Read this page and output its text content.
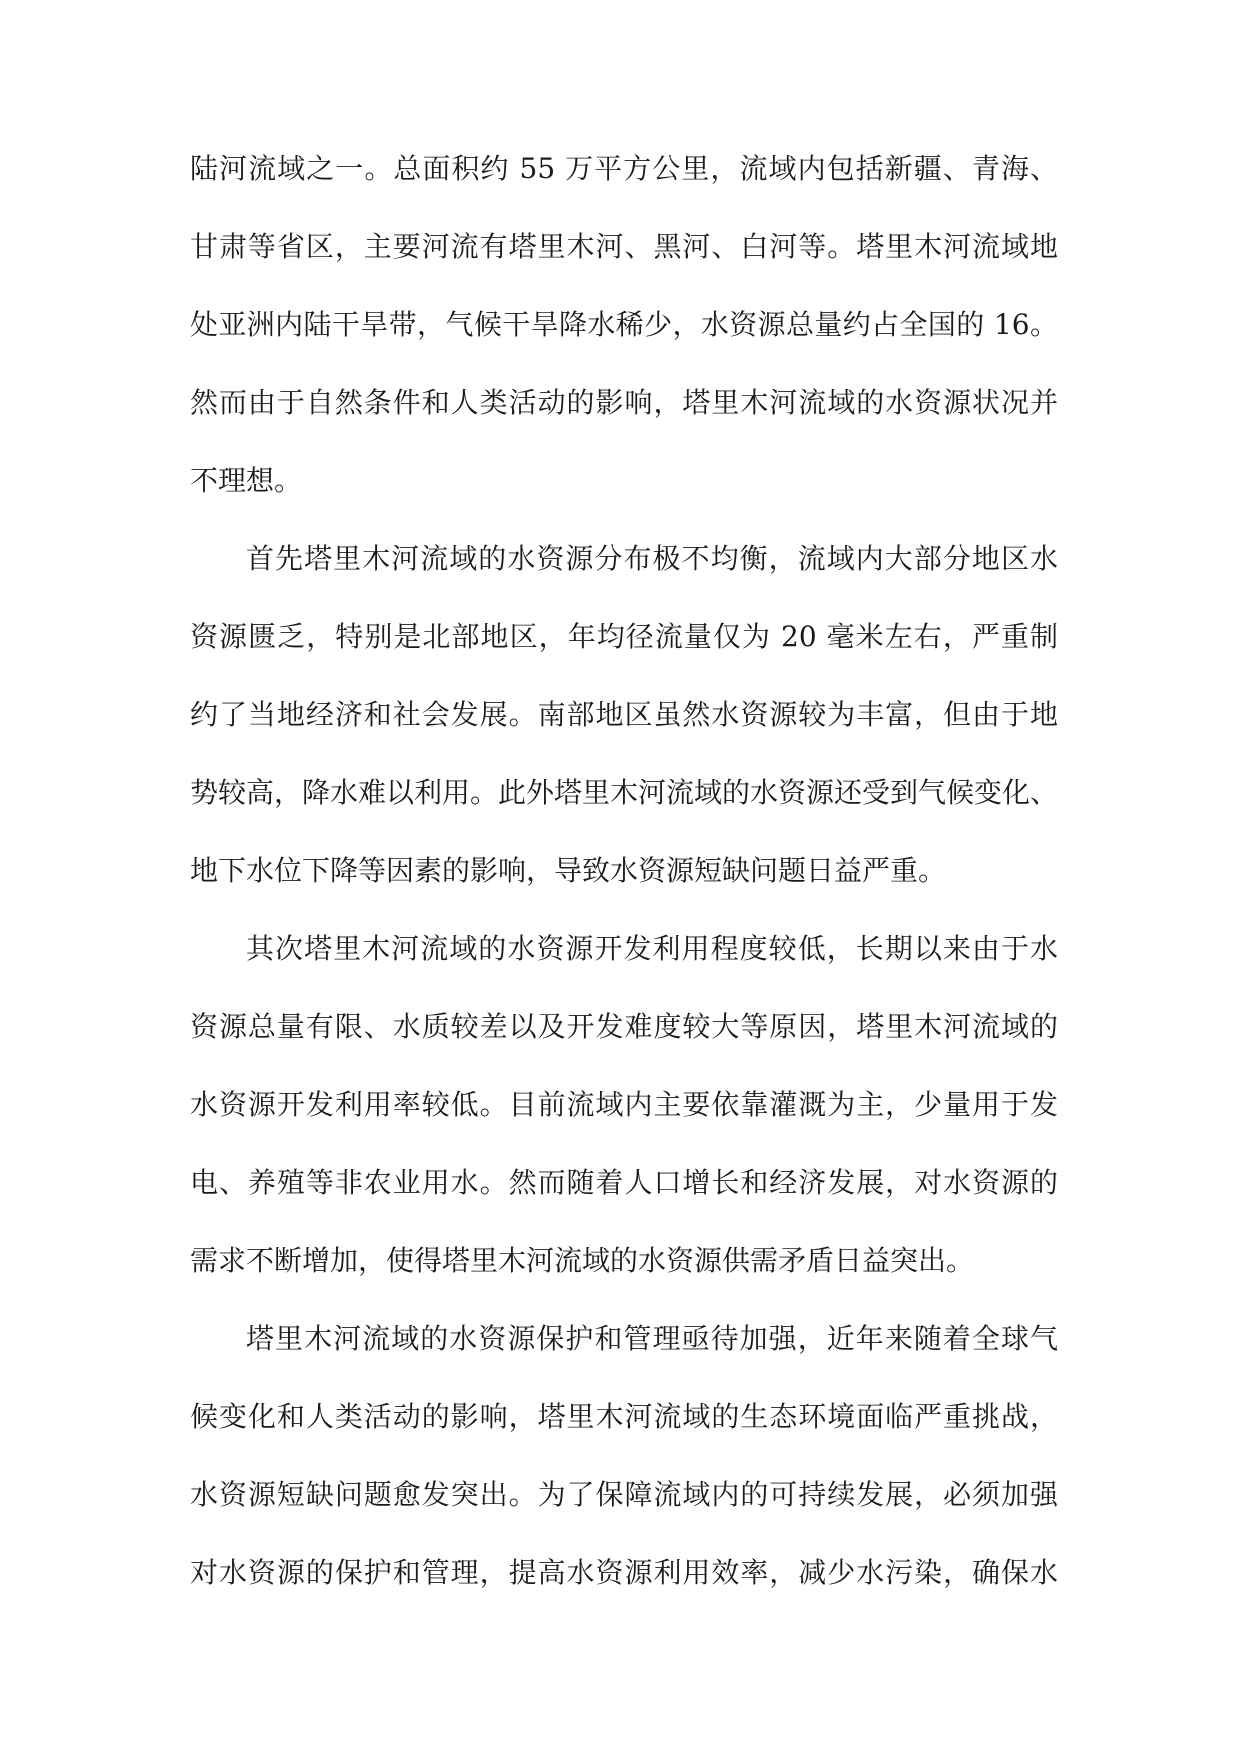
陆河流域之一。总面积约 55 万平方公里，流域内包括新疆、青海、
甘肃等省区，主要河流有塔里木河、黑河、白河等。塔里木河流域地
处亚洲内陆干旱带，气候干旱降水稀少，水资源总量约占全国的 16。
然而由于自然条件和人类活动的影响，塔里木河流域的水资源状况并
不理想。
首先塔里木河流域的水资源分布极不均衡，流域内大部分地区水
资源匮乏，特别是北部地区，年均径流量仅为 20 毫米左右，严重制
约了当地经济和社会发展。南部地区虽然水资源较为丰富，但由于地
势较高，降水难以利用。此外塔里木河流域的水资源还受到气候变化、
地下水位下降等因素的影响，导致水资源短缺问题日益严重。
其次塔里木河流域的水资源开发利用程度较低，长期以来由于水
资源总量有限、水质较差以及开发难度较大等原因，塔里木河流域的
水资源开发利用率较低。目前流域内主要依靠灌溉为主，少量用于发
电、养殖等非农业用水。然而随着人口增长和经济发展，对水资源的
需求不断增加，使得塔里木河流域的水资源供需矛盾日益突出。
塔里木河流域的水资源保护和管理亟待加强，近年来随着全球气
候变化和人类活动的影响，塔里木河流域的生态环境面临严重挑战，
水资源短缺问题愈发突出。为了保障流域内的可持续发展，必须加强
对水资源的保护和管理，提高水资源利用效率，减少水污染，确保水
